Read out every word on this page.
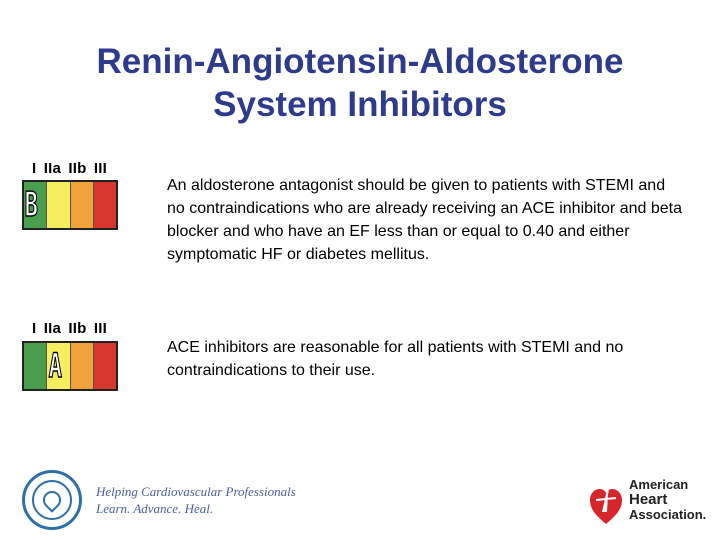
Renin-Angiotensin-Aldosterone
System Inhibitors
I IIa IIb III
B	An aldosterone antagonist should be given to patients with STEMI and no contraindications who are already receiving an ACE inhibitor and beta blocker and who have an EF less than or equal to 0.40 and either symptomatic HF or diabetes mellitus.
I IIa IIb III
A	ACE inhibitors are reasonable for all patients with STEMI and no contraindications to their use.
Helping Cardiovascular Professionals
Learn. Advance. Heal.
American
Heart
Association.
